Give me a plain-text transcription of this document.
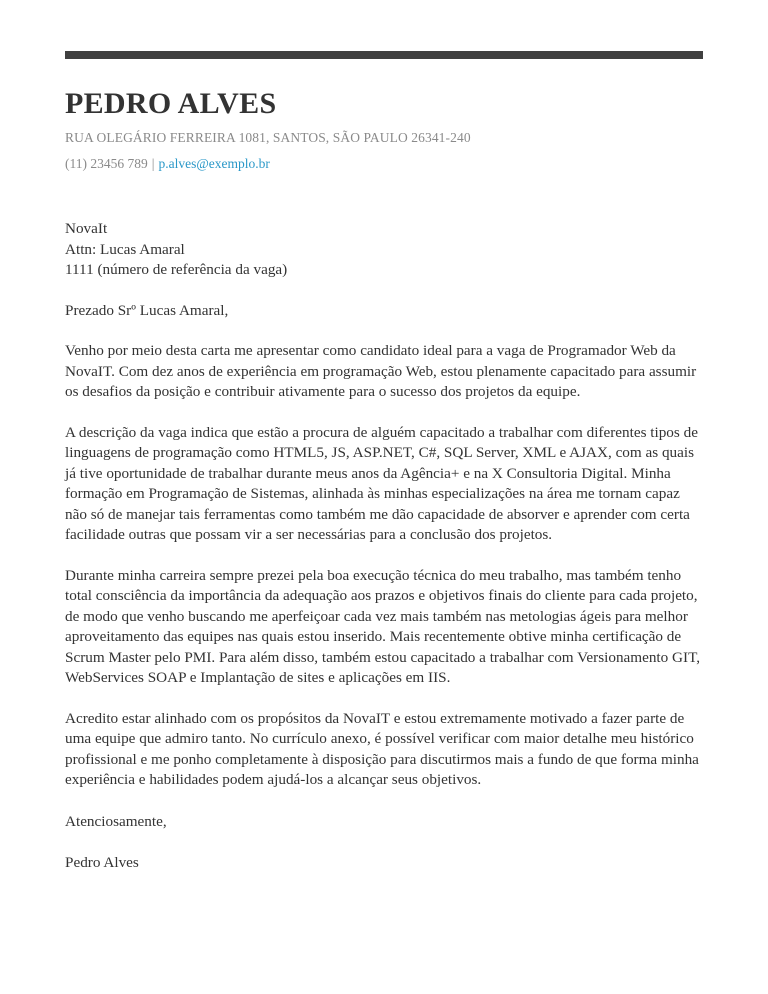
PEDRO ALVES
RUA OLEGÁRIO FERREIRA 1081, SANTOS, SÃO PAULO 26341-240
(11) 23456 789 | p.alves@exemplo.br

NovaIt

Attn: Lucas Amaral

1111 (número de referência da vaga)

Prezado Srº Lucas Amaral,

Venho por meio desta carta me apresentar como candidato ideal para a vaga de Programador Web da NovaIT. Com dez anos de experiência em programação Web, estou plenamente capacitado para assumir os desafios da posição e contribuir ativamente para o sucesso dos projetos da equipe.

A descrição da vaga indica que estão a procura de alguém capacitado a trabalhar com diferentes tipos de linguagens de programação como HTML5, JS, ASP.NET, C#, SQL Server, XML e AJAX, com as quais já tive oportunidade de trabalhar durante meus anos da Agência+ e na X Consultoria Digital. Minha formação em Programação de Sistemas, alinhada às minhas especializações na área me tornam capaz não só de manejar tais ferramentas como também me dão capacidade de absorver e aprender com certa facilidade outras que possam vir a ser necessárias para a conclusão dos projetos.

Durante minha carreira sempre prezei pela boa execução técnica do meu trabalho, mas também tenho total consciência da importância da adequação aos prazos e objetivos finais do cliente para cada projeto, de modo que venho buscando me aperfeiçoar cada vez mais também nas metologias ágeis para melhor aproveitamento das equipes nas quais estou inserido. Mais recentemente obtive minha certificação de Scrum Master pelo PMI. Para além disso, também estou capacitado a trabalhar com Versionamento GIT, WebServices SOAP e Implantação de sites e aplicações em IIS.

Acredito estar alinhado com os propósitos da NovaIT e estou extremamente motivado a fazer parte de uma equipe que admiro tanto. No currículo anexo, é possível verificar com maior detalhe meu histórico profissional e me ponho completamente à disposição para discutirmos mais a fundo de que forma minha experiência e habilidades podem ajudá-los a alcançar seus objetivos.

Atenciosamente,

Pedro Alves
